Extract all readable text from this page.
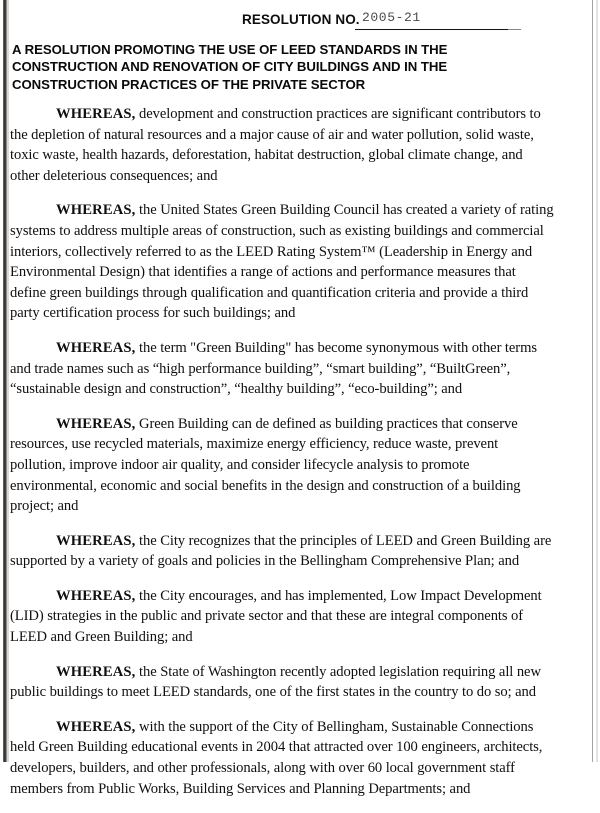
RESOLUTION NO. 2005-21
A RESOLUTION PROMOTING THE USE OF LEED STANDARDS IN THE
CONSTRUCTION AND RENOVATION OF CITY BUILDINGS AND IN THE
CONSTRUCTION PRACTICES OF THE PRIVATE SECTOR

WHEREAS, development and construction practices are significant contributors to
the depletion of natural resources and a major cause of air and water pollution, solid waste,
toxic waste, health hazards, deforestation, habitat destruction, global climate change, and
other deleterious consequences; and

WHEREAS, the United States Green Building Council has created a variety of rating
systems to address multiple areas of construction, such as existing buildings and commercial
interiors, collectively referred to as the LEED Rating System™ (Leadership in Energy and
Environmental Design) that identifies a range of actions and performance measures that
define green buildings through qualification and quantification criteria and provide a third
party certification process for such buildings; and

WHEREAS, the term "Green Building" has become synonymous with other terms
and trade names such as “high performance building”, “smart building”, “BuiltGreen”,
“sustainable design and construction”, “healthy building”, “eco-building”; and

WHEREAS, Green Building can de defined as building practices that conserve
resources, use recycled materials, maximize energy efficiency, reduce waste, prevent
pollution, improve indoor air quality, and consider lifecycle analysis to promote
environmental, economic and social benefits in the design and construction of a building
project; and

WHEREAS, the City recognizes that the principles of LEED and Green Building are
supported by a variety of goals and policies in the Bellingham Comprehensive Plan; and

WHEREAS, the City encourages, and has implemented, Low Impact Development
(LID) strategies in the public and private sector and that these are integral components of
LEED and Green Building; and

WHEREAS, the State of Washington recently adopted legislation requiring all new
public buildings to meet LEED standards, one of the first states in the country to do so; and

WHEREAS, with the support of the City of Bellingham, Sustainable Connections
held Green Building educational events in 2004 that attracted over 100 engineers, architects,
developers, builders, and other professionals, along with over 60 local government staff
members from Public Works, Building Services and Planning Departments; and
